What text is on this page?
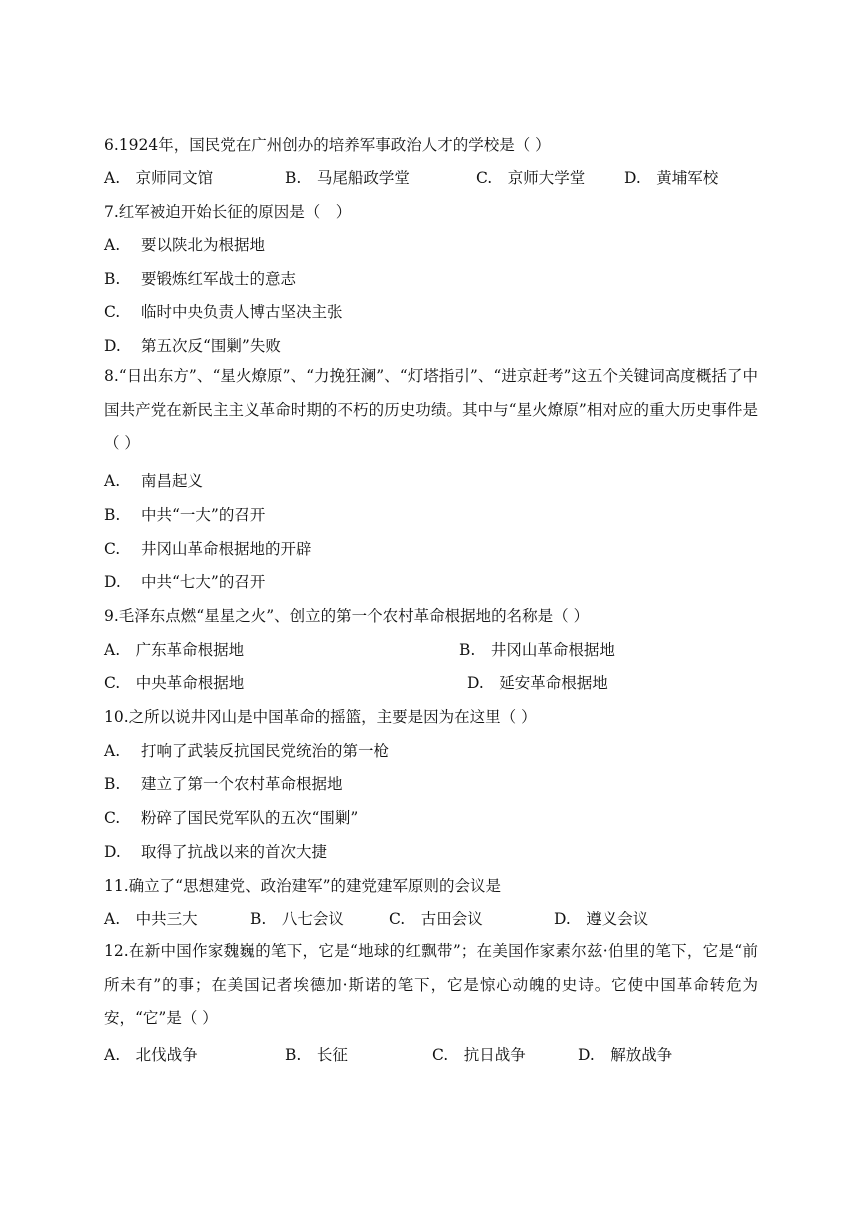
6.1924年，国民党在广州创办的培养军事政治人才的学校是（ ）
A.　京师同文馆	B.　马尾船政学堂	C.　京师大学堂	D.　黄埔军校
7.红军被迫开始长征的原因是（　）
A. 要以陕北为根据地
B. 要锻炼红军战士的意志
C. 临时中央负责人博古坚决主张
D. 第五次反“围剿”失败
8.“日出东方”、“星火燎原”、“力挽狂澜”、“灯塔指引”、“进京赶考”这五个关键词高度概括了中国共产党在新民主主义革命时期的不朽的历史功绩。其中与“星火燎原”相对应的重大历史事件是（ ）
A. 南昌起义
B. 中共“一大”的召开
C. 井冈山革命根据地的开辟
D. 中共“七大”的召开
9.毛泽东点燃“星星之火”、创立的第一个农村革命根据地的名称是（ ）
A.　广东革命根据地	B.　井冈山革命根据地
C.　中央革命根据地	D.　延安革命根据地
10.之所以说井冈山是中国革命的摇篮，主要是因为在这里（ ）
A. 打响了武装反抗国民党统治的第一枪
B. 建立了第一个农村革命根据地
C. 粉碎了国民党军队的五次“围剿”
D. 取得了抗战以来的首次大捷
11.确立了“思想建党、政治建军”的建党建军原则的会议是
A.　中共三大	B.　八七会议	C.　古田会议	D.　遵义会议
12.在新中国作家魏巍的笔下，它是“地球的红飘带”；在美国作家素尔兹·伯里的笔下，它是“前所未有”的事；在美国记者埃德加·斯诺的笔下，它是惊心动魄的史诗。它使中国革命转危为安，“它”是（ ）
A.　北伐战争	B.　长征	C.　抗日战争	D.　解放战争
